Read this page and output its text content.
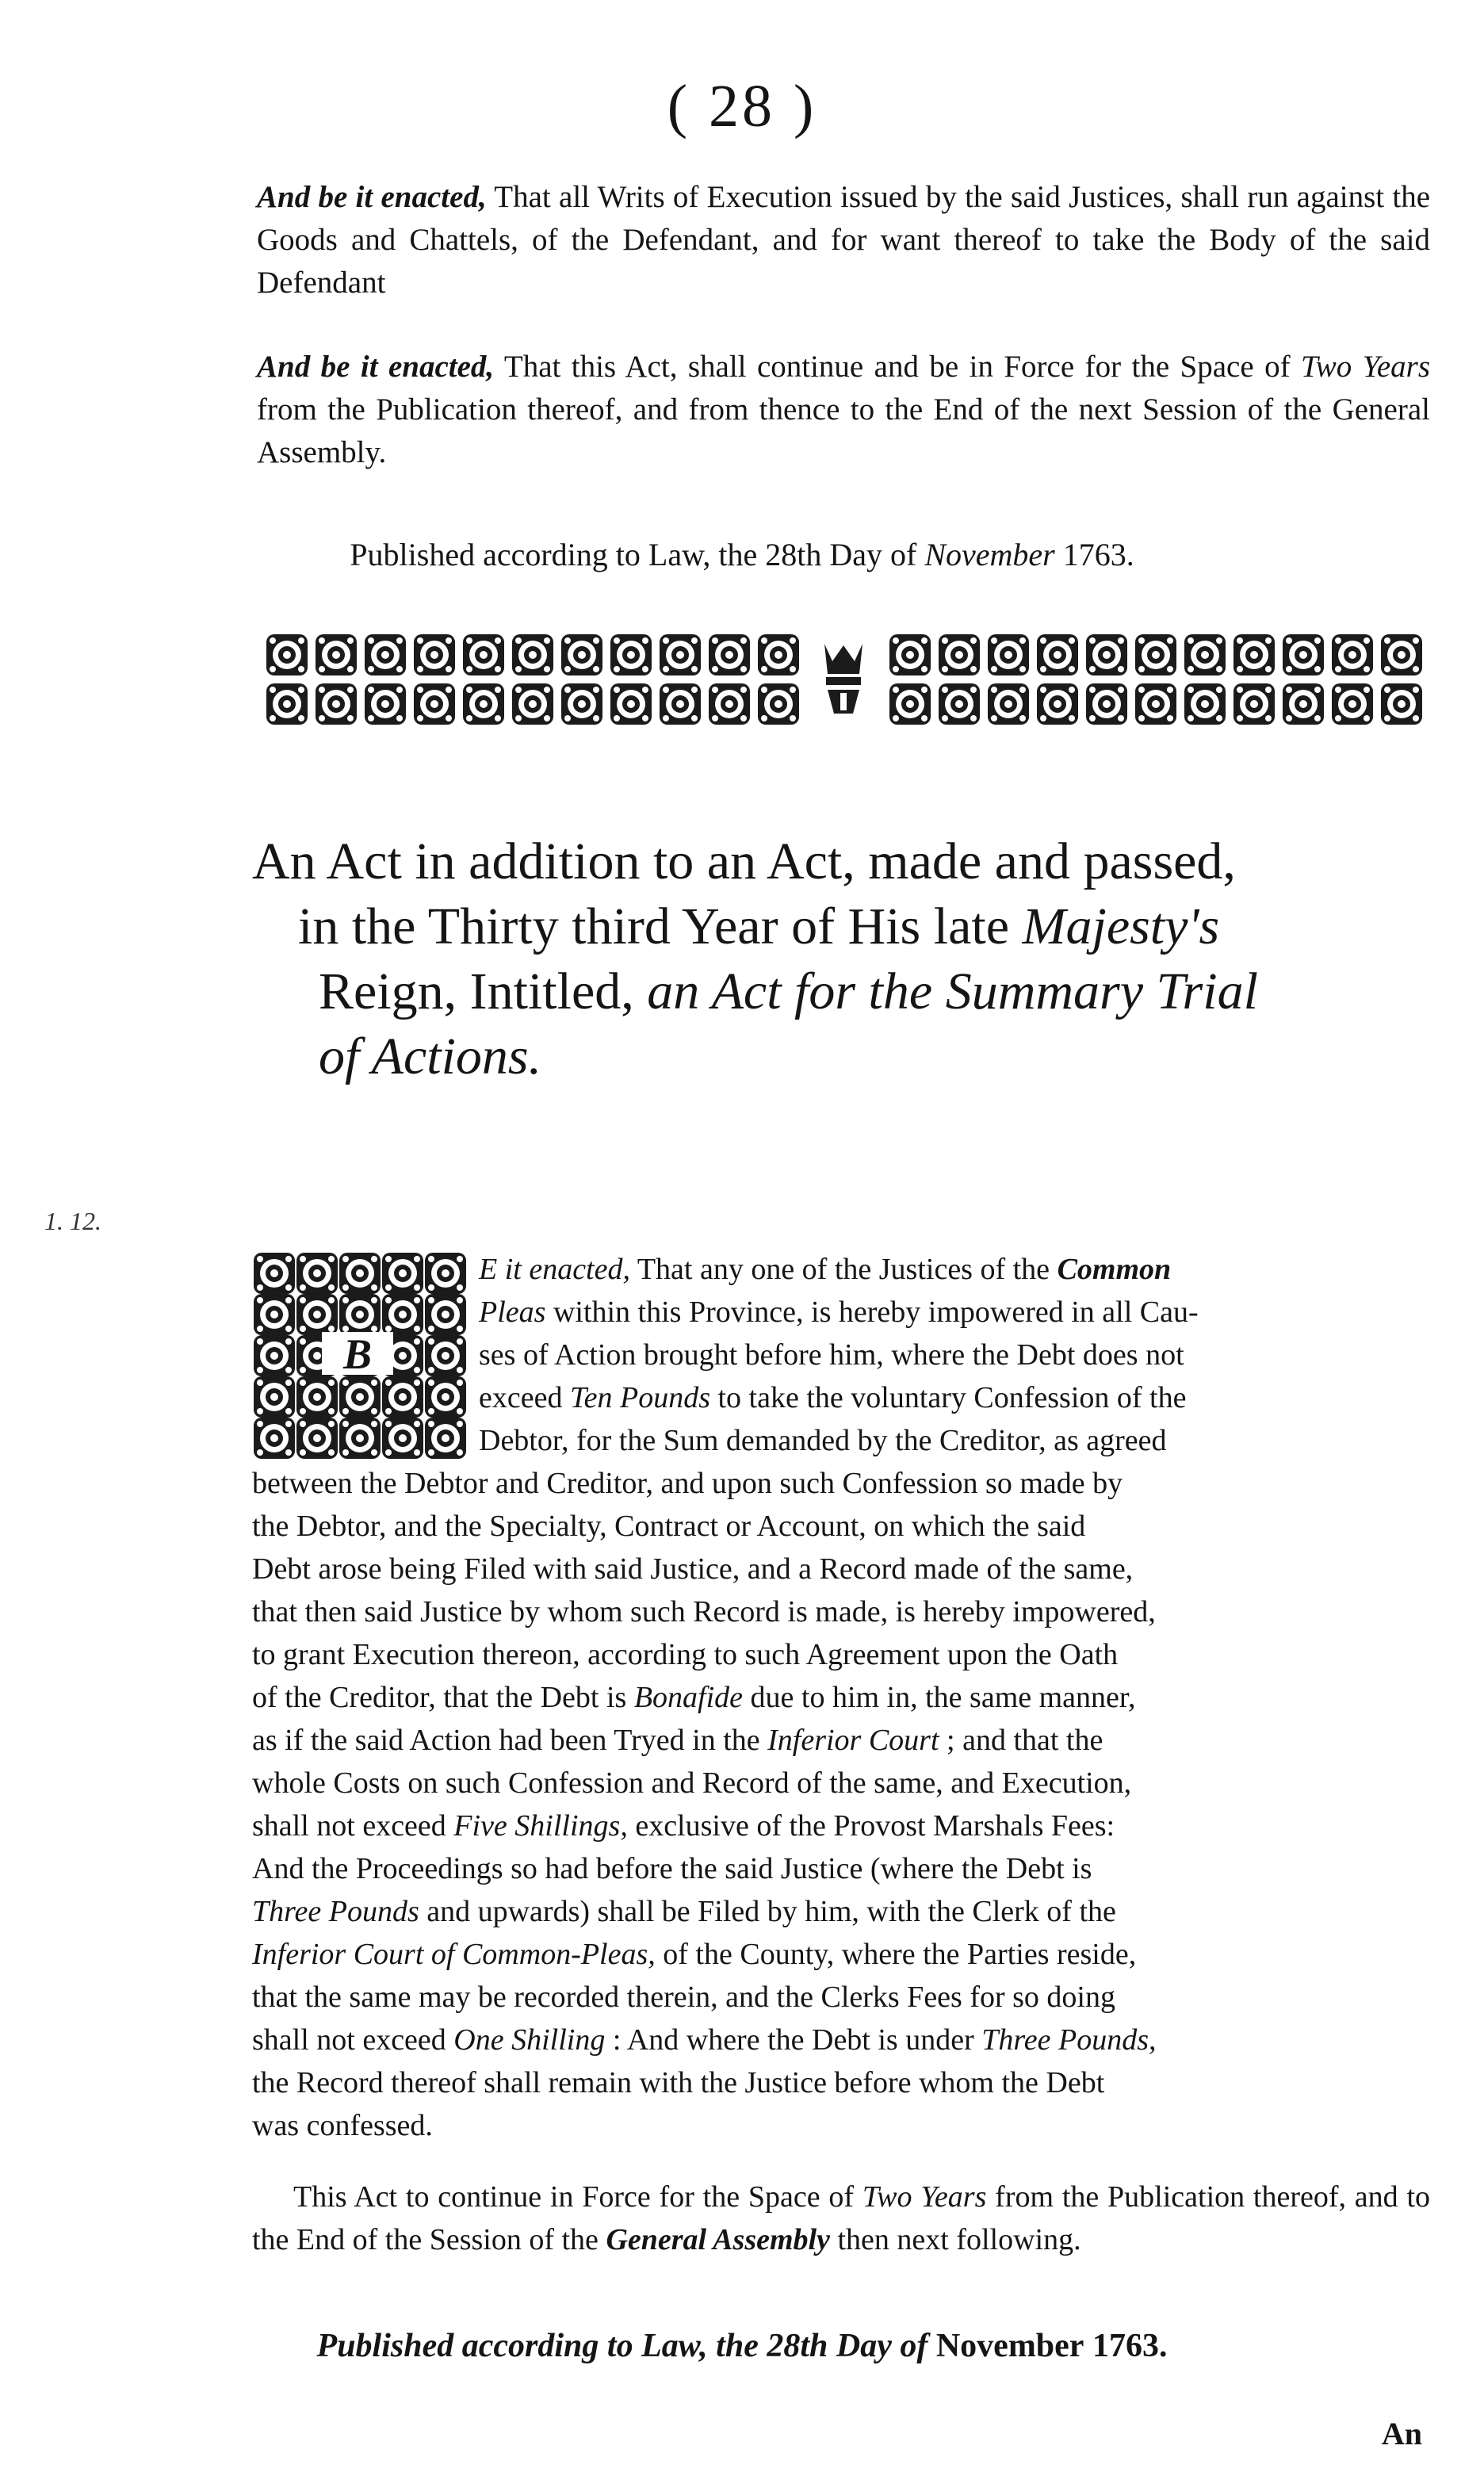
( 28 )

And be it enacted, That all Writs of Execution issued by the said Justices, shall run against the Goods and Chattels, of the Defendant, and for want thereof to take the Body of the said Defendant

And be it enacted, That this Act, shall continue and be in Force for the Space of Two Years from the Publication thereof, and from thence to the End of the next Session of the General Assembly.

Published according to Law, the 28th Day of November 1763.
An Act in addition to an Act, made and passed,
in the Thirty third Year of His late Majesty's
Reign, Intitled, an Act for the Summary Trial
of Actions.
1. 12.
B
E it enacted, That any one of the Justices of the Common
Pleas within this Province, is hereby impowered in all Cau-
ses of Action brought before him, where the Debt does not
exceed Ten Pounds to take the voluntary Confession of the
Debtor, for the Sum demanded by the Creditor, as agreed
between the Debtor and Creditor, and upon such Confession so made by
the Debtor, and the Specialty, Contract or Account, on which the said
Debt arose being Filed with said Justice, and a Record made of the same,
that then said Justice by whom such Record is made, is hereby impowered,
to grant Execution thereon, according to such Agreement upon the Oath
of the Creditor, that the Debt is Bonafide due to him in, the same manner,
as if the said Action had been Tryed in the Inferior Court ; and that the
whole Costs on such Confession and Record of the same, and Execution,
shall not exceed Five Shillings, exclusive of the Provost Marshals Fees:
And the Proceedings so had before the said Justice (where the Debt is
Three Pounds and upwards) shall be Filed by him, with the Clerk of the
Inferior Court of Common-Pleas, of the County, where the Parties reside,
that the same may be recorded therein, and the Clerks Fees for so doing
shall not exceed One Shilling : And where the Debt is under Three Pounds,
the Record thereof shall remain with the Justice before whom the Debt
was confessed.

This Act to continue in Force for the Space of Two Years from the Publication thereof, and to the End of the Session of the General Assembly then next following.

Published according to Law, the 28th Day of November 1763.
An
